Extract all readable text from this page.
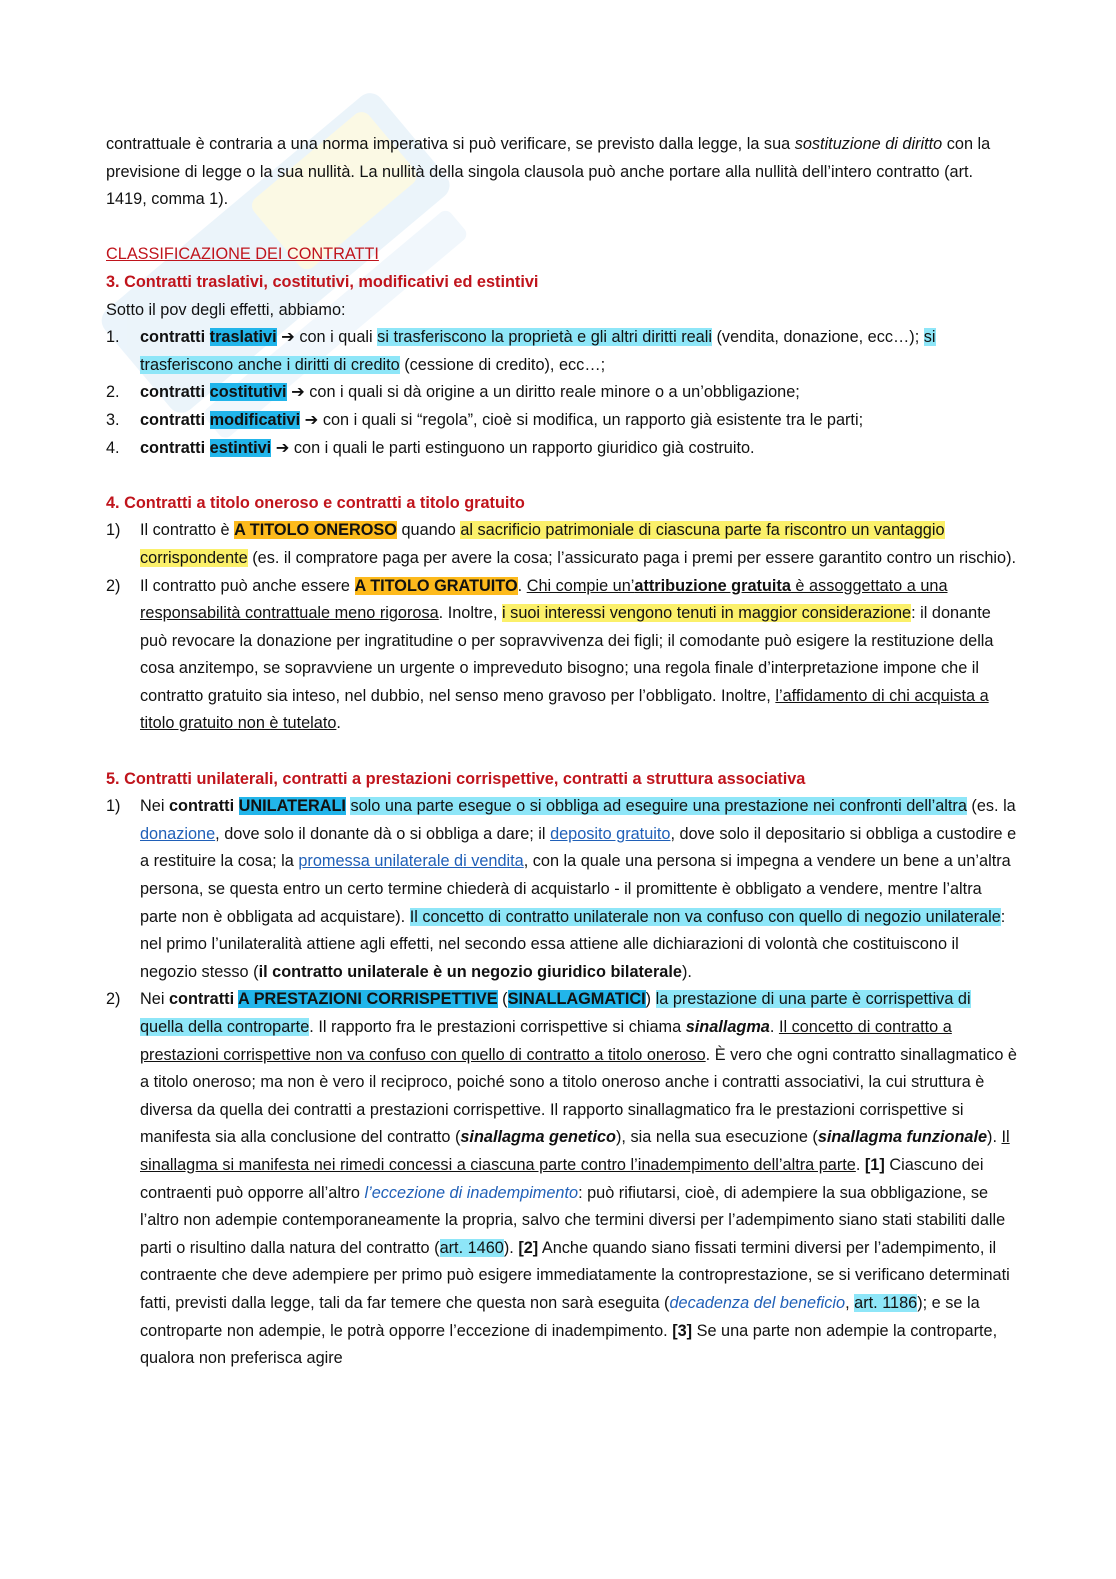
contrattuale è contraria a una norma imperativa si può verificare, se previsto dalla legge, la sua sostituzione di diritto con la previsione di legge o la sua nullità. La nullità della singola clausola può anche portare alla nullità dell’intero contratto (art. 1419, comma 1).

CLASSIFICAZIONE DEI CONTRATTI

3. Contratti traslativi, costitutivi, modificativi ed estintivi

Sotto il pov degli effetti, abbiamo:

1. contratti traslativi ➔ con i quali si trasferiscono la proprietà e gli altri diritti reali (vendita, donazione, ecc…); si trasferiscono anche i diritti di credito (cessione di credito), ecc…;
2. contratti costitutivi ➔ con i quali si dà origine a un diritto reale minore o a un’obbligazione;
3. contratti modificativi ➔ con i quali si “regola”, cioè si modifica, un rapporto già esistente tra le parti;
4. contratti estintivi ➔ con i quali le parti estinguono un rapporto giuridico già costruito.

4. Contratti a titolo oneroso e contratti a titolo gratuito

1) Il contratto è A TITOLO ONEROSO quando al sacrificio patrimoniale di ciascuna parte fa riscontro un vantaggio corrispondente (es. il compratore paga per avere la cosa; l’assicurato paga i premi per essere garantito contro un rischio).
2) Il contratto può anche essere A TITOLO GRATUITO. Chi compie un’attribuzione gratuita è assoggettato a una responsabilità contrattuale meno rigorosa. Inoltre, i suoi interessi vengono tenuti in maggior considerazione: il donante può revocare la donazione per ingratitudine o per sopravvivenza dei figli; il comodante può esigere la restituzione della cosa anzitempo, se sopravviene un urgente o impreveduto bisogno; una regola finale d’interpretazione impone che il contratto gratuito sia inteso, nel dubbio, nel senso meno gravoso per l’obbligato. Inoltre, l’affidamento di chi acquista a titolo gratuito non è tutelato.

5. Contratti unilaterali, contratti a prestazioni corrispettive, contratti a struttura associativa

1) Nei contratti UNILATERALI solo una parte esegue o si obbliga ad eseguire una prestazione nei confronti dell’altra (es. la donazione, dove solo il donante dà o si obbliga a dare; il deposito gratuito, dove solo il depositario si obbliga a custodire e a restituire la cosa; la promessa unilaterale di vendita, con la quale una persona si impegna a vendere un bene a un’altra persona, se questa entro un certo termine chiederà di acquistarlo - il promittente è obbligato a vendere, mentre l’altra parte non è obbligata ad acquistare). Il concetto di contratto unilaterale non va confuso con quello di negozio unilaterale: nel primo l’unilateralità attiene agli effetti, nel secondo essa attiene alle dichiarazioni di volontà che costituiscono il negozio stesso (il contratto unilaterale è un negozio giuridico bilaterale).
2) Nei contratti A PRESTAZIONI CORRISPETTIVE (SINALLAGMATICI) la prestazione di una parte è corrispettiva di quella della controparte. Il rapporto fra le prestazioni corrispettive si chiama sinallagma. Il concetto di contratto a prestazioni corrispettive non va confuso con quello di contratto a titolo oneroso. È vero che ogni contratto sinallagmatico è a titolo oneroso; ma non è vero il reciproco, poiché sono a titolo oneroso anche i contratti associativi, la cui struttura è diversa da quella dei contratti a prestazioni corrispettive. Il rapporto sinallagmatico fra le prestazioni corrispettive si manifesta sia alla conclusione del contratto (sinallagma genetico), sia nella sua esecuzione (sinallagma funzionale). Il sinallagma si manifesta nei rimedi concessi a ciascuna parte contro l’inadempimento dell’altra parte. [1] Ciascuno dei contraenti può opporre all’altro l’eccezione di inadempimento: può rifiutarsi, cioè, di adempiere la sua obbligazione, se l’altro non adempie contemporaneamente la propria, salvo che termini diversi per l’adempimento siano stati stabiliti dalle parti o risultino dalla natura del contratto (art. 1460). [2] Anche quando siano fissati termini diversi per l’adempimento, il contraente che deve adempiere per primo può esigere immediatamente la controprestazione, se si verificano determinati fatti, previsti dalla legge, tali da far temere che questa non sarà eseguita (decadenza del beneficio, art. 1186); e se la controparte non adempie, le potrà opporre l’eccezione di inadempimento. [3] Se una parte non adempie la controparte, qualora non preferisca agire
